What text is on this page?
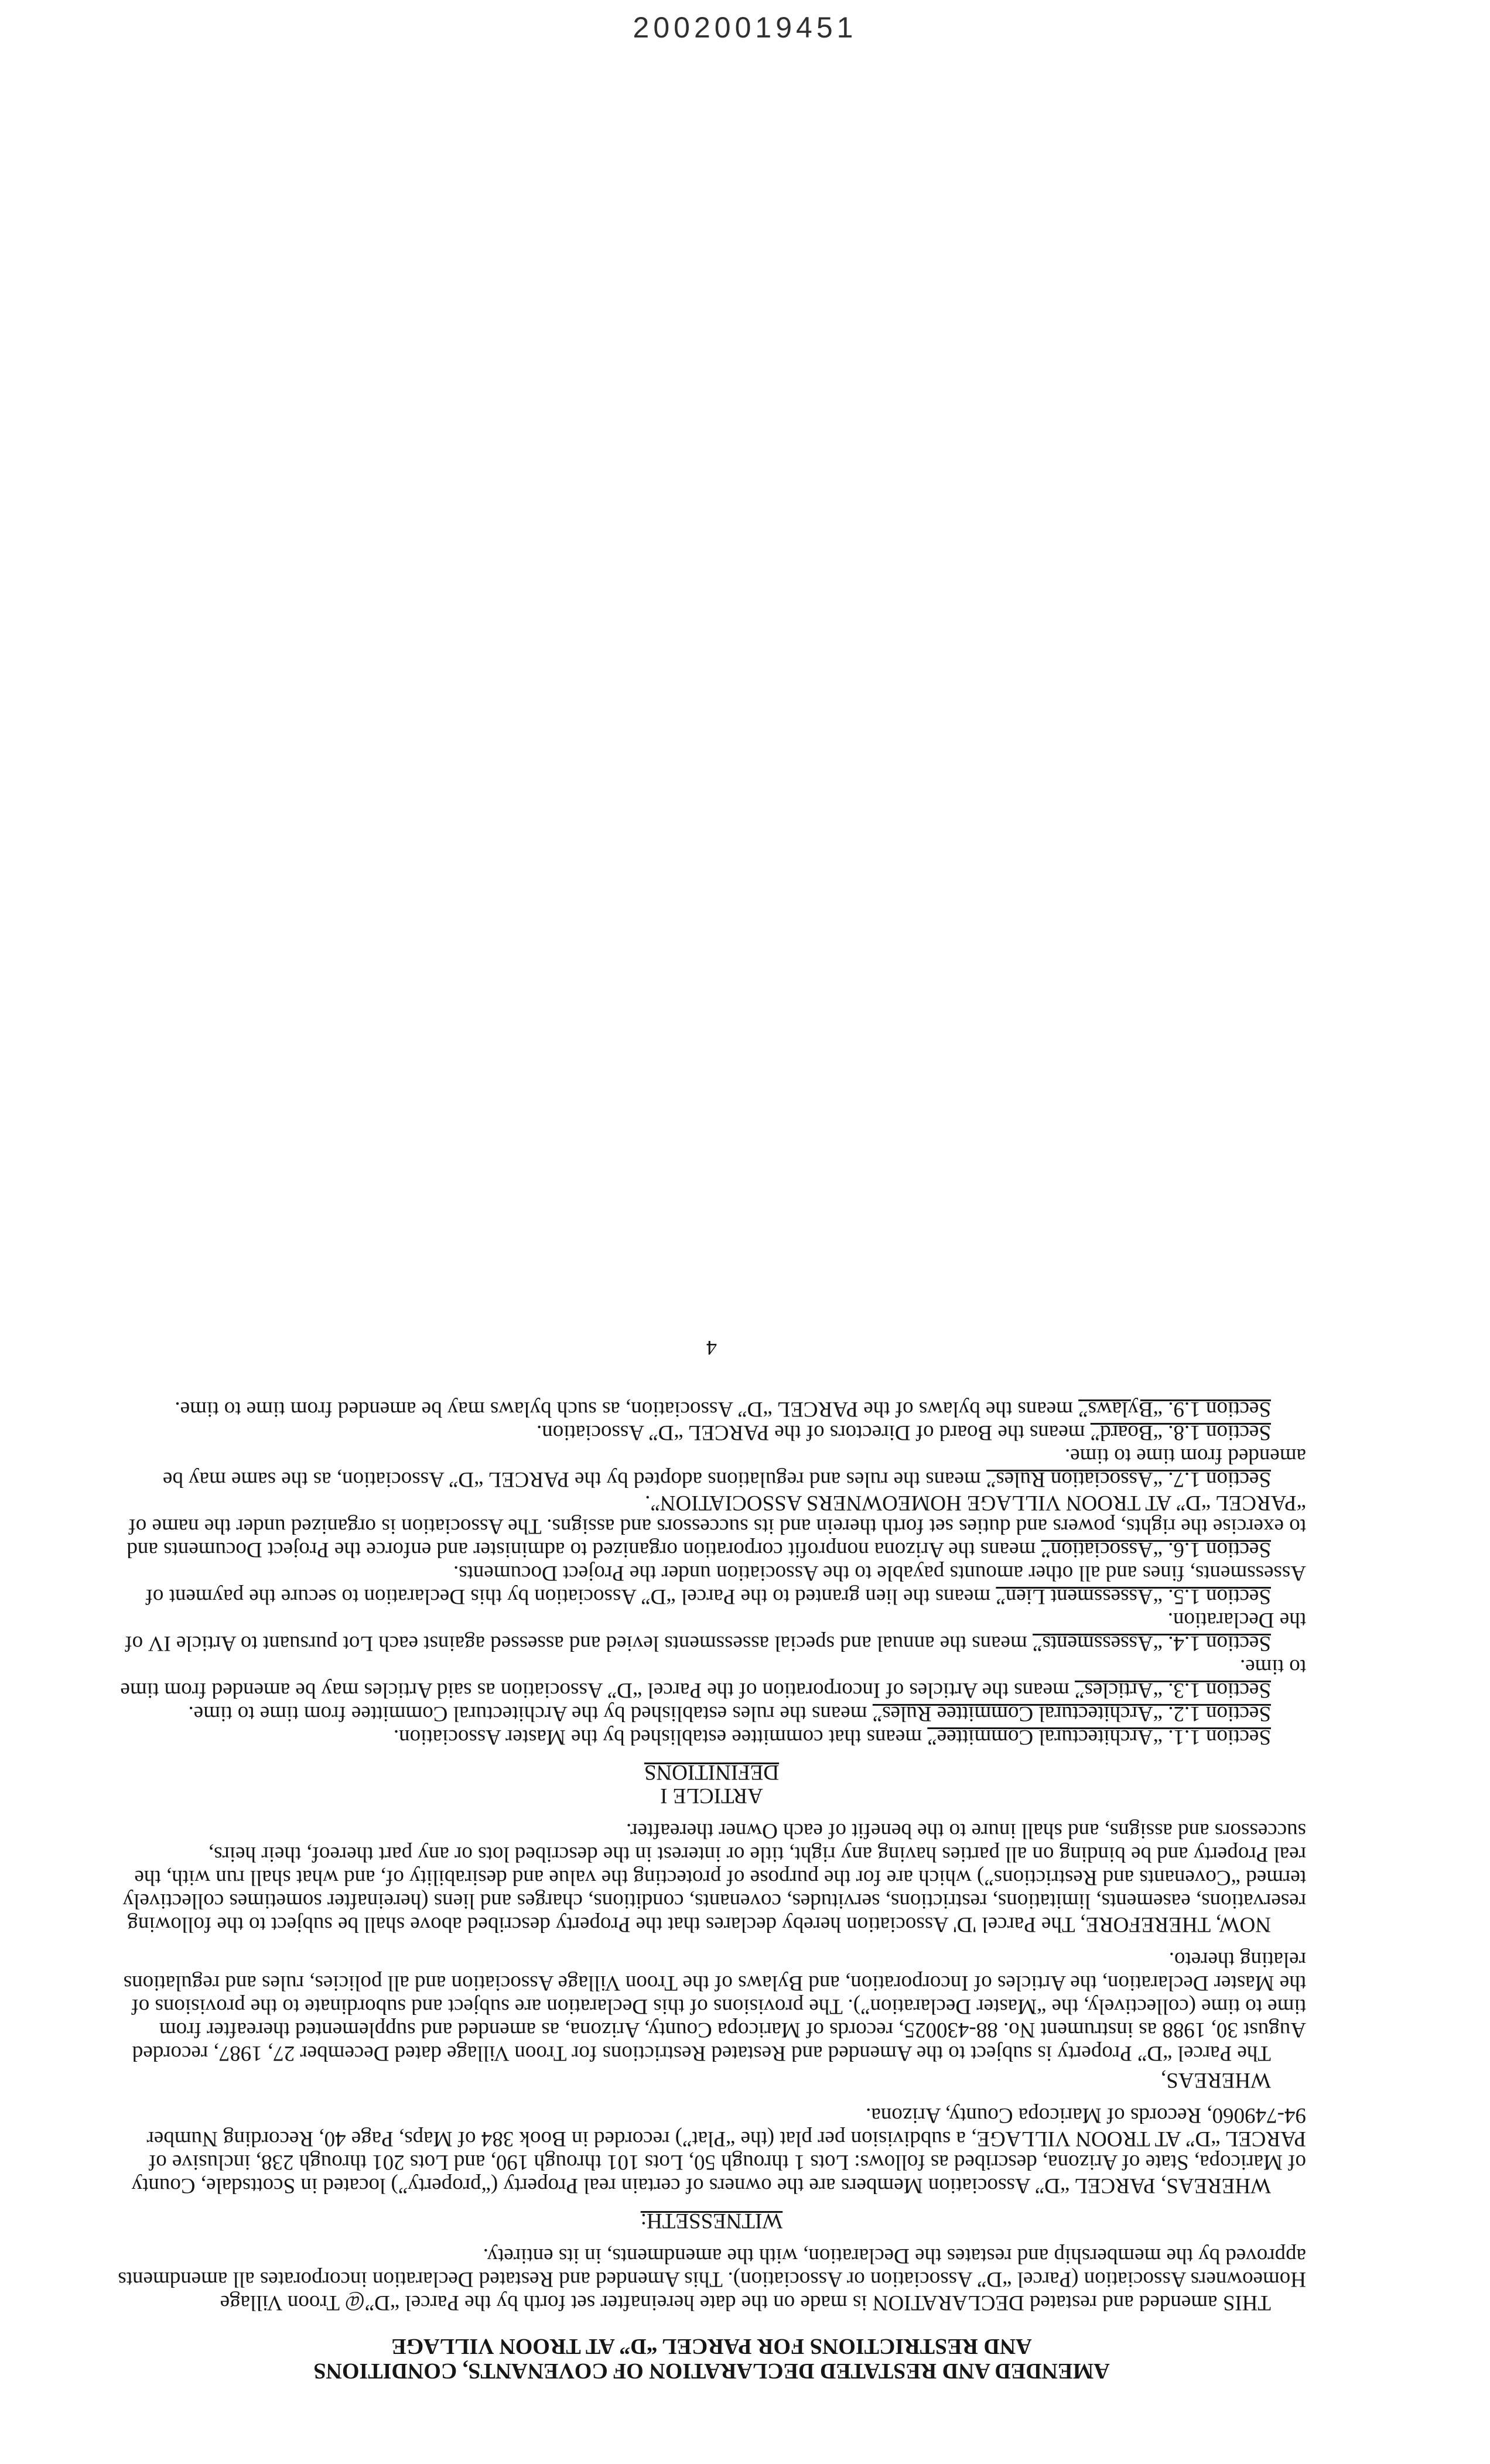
20020019451
AMENDED AND RESTATED DECLARATION OF COVENANTS, CONDITIONS
AND RESTRICTIONS FOR PARCEL “D” AT TROON VILLAGE

THIS amended and restated DECLARATION is made on the date hereinafter set forth by the Parcel “D”@ Troon Village Homeowners Association (Parcel “D” Association or Association). This Amended and Restated Declaration incorporates all amendments approved by the membership and restates the Declaration, with the amendments, in its entirety.

WITNESSETH:

WHEREAS, PARCEL “D” Association Members are the owners of certain real Property (“property”) located in Scottsdale, County of Maricopa, State of Arizona, described as follows: Lots 1 through 50, Lots 101 through 190, and Lots 201 through 238, inclusive of PARCEL “D” AT TROON VILLAGE, a subdivision per plat (the “Plat”) recorded in Book 384 of Maps, Page 40, Recording Number 94-749060, Records of Maricopa County, Arizona.

WHEREAS,

The Parcel “D” Property is subject to the Amended and Restated Restrictions for Troon Village dated December 27, 1987, recorded August 30, 1988 as instrument No. 88-430025, records of Maricopa County, Arizona, as amended and supplemented thereafter from time to time (collectively, the “Master Declaration”). The provisions of this Declaration are subject and subordinate to the provisions of the Master Declaration, the Articles of Incorporation, and Bylaws of the Troon Village Association and all policies, rules and regulations relating thereto.

NOW, THEREFORE, The Parcel 'D' Association hereby declares that the Property described above shall be subject to the following reservations, easements, limitations, restrictions, servitudes, covenants, conditions, charges and liens (hereinafter sometimes collectively termed “Covenants and Restrictions”) which are for the purpose of protecting the value and desirability of, and what shall run with, the real Property and be binding on all parties having any right, title or interest in the described lots or any part thereof, their heirs, successors and assigns, and shall inure to the benefit of each Owner thereafter.

ARTICLE I
DEFINITIONS

Section 1.1. “Architectural Committee” means that committee established by the Master Association.

Section 1.2. “Architectural Committee Rules” means the rules established by the Architectural Committee from time to time.

Section 1.3. “Articles” means the Articles of Incorporation of the Parcel “D” Association as said Articles may be amended from time to time.

Section 1.4. “Assessments” means the annual and special assessments levied and assessed against each Lot pursuant to Article IV of the Declaration.

Section 1.5. “Assessment Lien” means the lien granted to the Parcel “D” Association by this Declaration to secure the payment of Assessments, fines and all other amounts payable to the Association under the Project Documents.

Section 1.6. “Association” means the Arizona nonprofit corporation organized to administer and enforce the Project Documents and to exercise the rights, powers and duties set forth therein and its successors and assigns. The Association is organized under the name of “PARCEL “D” AT TROON VILLAGE HOMEOWNERS ASSOCIATION”.

Section 1.7. “Association Rules” means the rules and regulations adopted by the PARCEL “D” Association, as the same may be amended from time to time.

Section 1.8. “Board” means the Board of Directors of the PARCEL “D” Association.

Section 1.9. “Bylaws” means the bylaws of the PARCEL “D” Association, as such bylaws may be amended from time to time.

4
